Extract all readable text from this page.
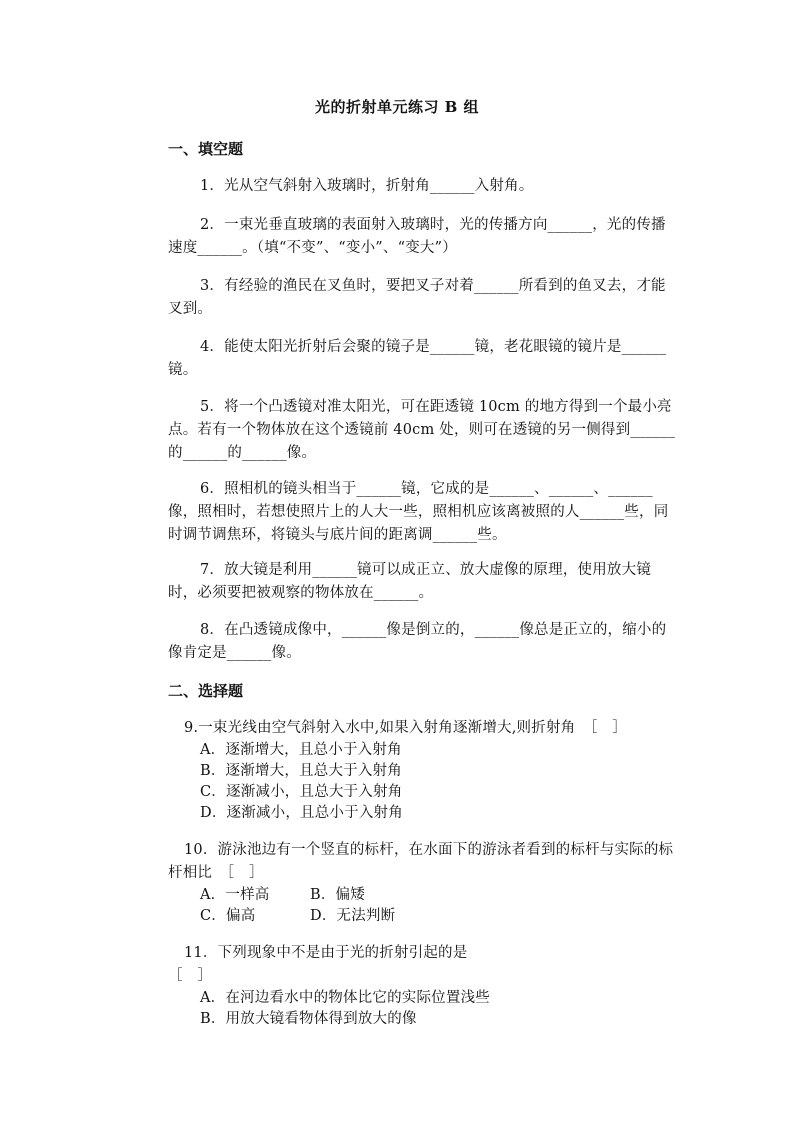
光的折射单元练习 B 组
一、填空题
1．光从空气斜射入玻璃时，折射角______入射角。
2．一束光垂直玻璃的表面射入玻璃时，光的传播方向______，光的传播速度______。（填“不变”、“变小”、“变大”）
3．有经验的渔民在叉鱼时，要把叉子对着______所看到的鱼叉去，才能叉到。
4．能使太阳光折射后会聚的镜子是______镜，老花眼镜的镜片是______镜。
5．将一个凸透镜对准太阳光，可在距透镜 10cm 的地方得到一个最小亮点。若有一个物体放在这个透镜前 40cm 处，则可在透镜的另一侧得到______的______的______像。
6．照相机的镜头相当于______镜，它成的是______、______、______像，照相时，若想使照片上的人大一些，照相机应该离被照的人______些，同时调节调焦环，将镜头与底片间的距离调______些。
7．放大镜是利用______镜可以成正立、放大虚像的原理，使用放大镜时，必须要把被观察的物体放在______。
8．在凸透镜成像中，______像是倒立的，______像总是正立的，缩小的像肯定是______像。
二、选择题
9.一束光线由空气斜射入水中,如果入射角逐渐增大,则折射角　［　］
A．逐渐增大，且总小于入射角
B．逐渐增大，且总大于入射角
C．逐渐减小，且总大于入射角
D．逐渐减小，且总小于入射角
10．游泳池边有一个竖直的标杆，在水面下的游泳者看到的标杆与实际的标杆相比　［　］
A．一样高	B．偏矮
C．偏高	D．无法判断
11．下列现象中不是由于光的折射引起的是
［　］
A．在河边看水中的物体比它的实际位置浅些
B．用放大镜看物体得到放大的像
